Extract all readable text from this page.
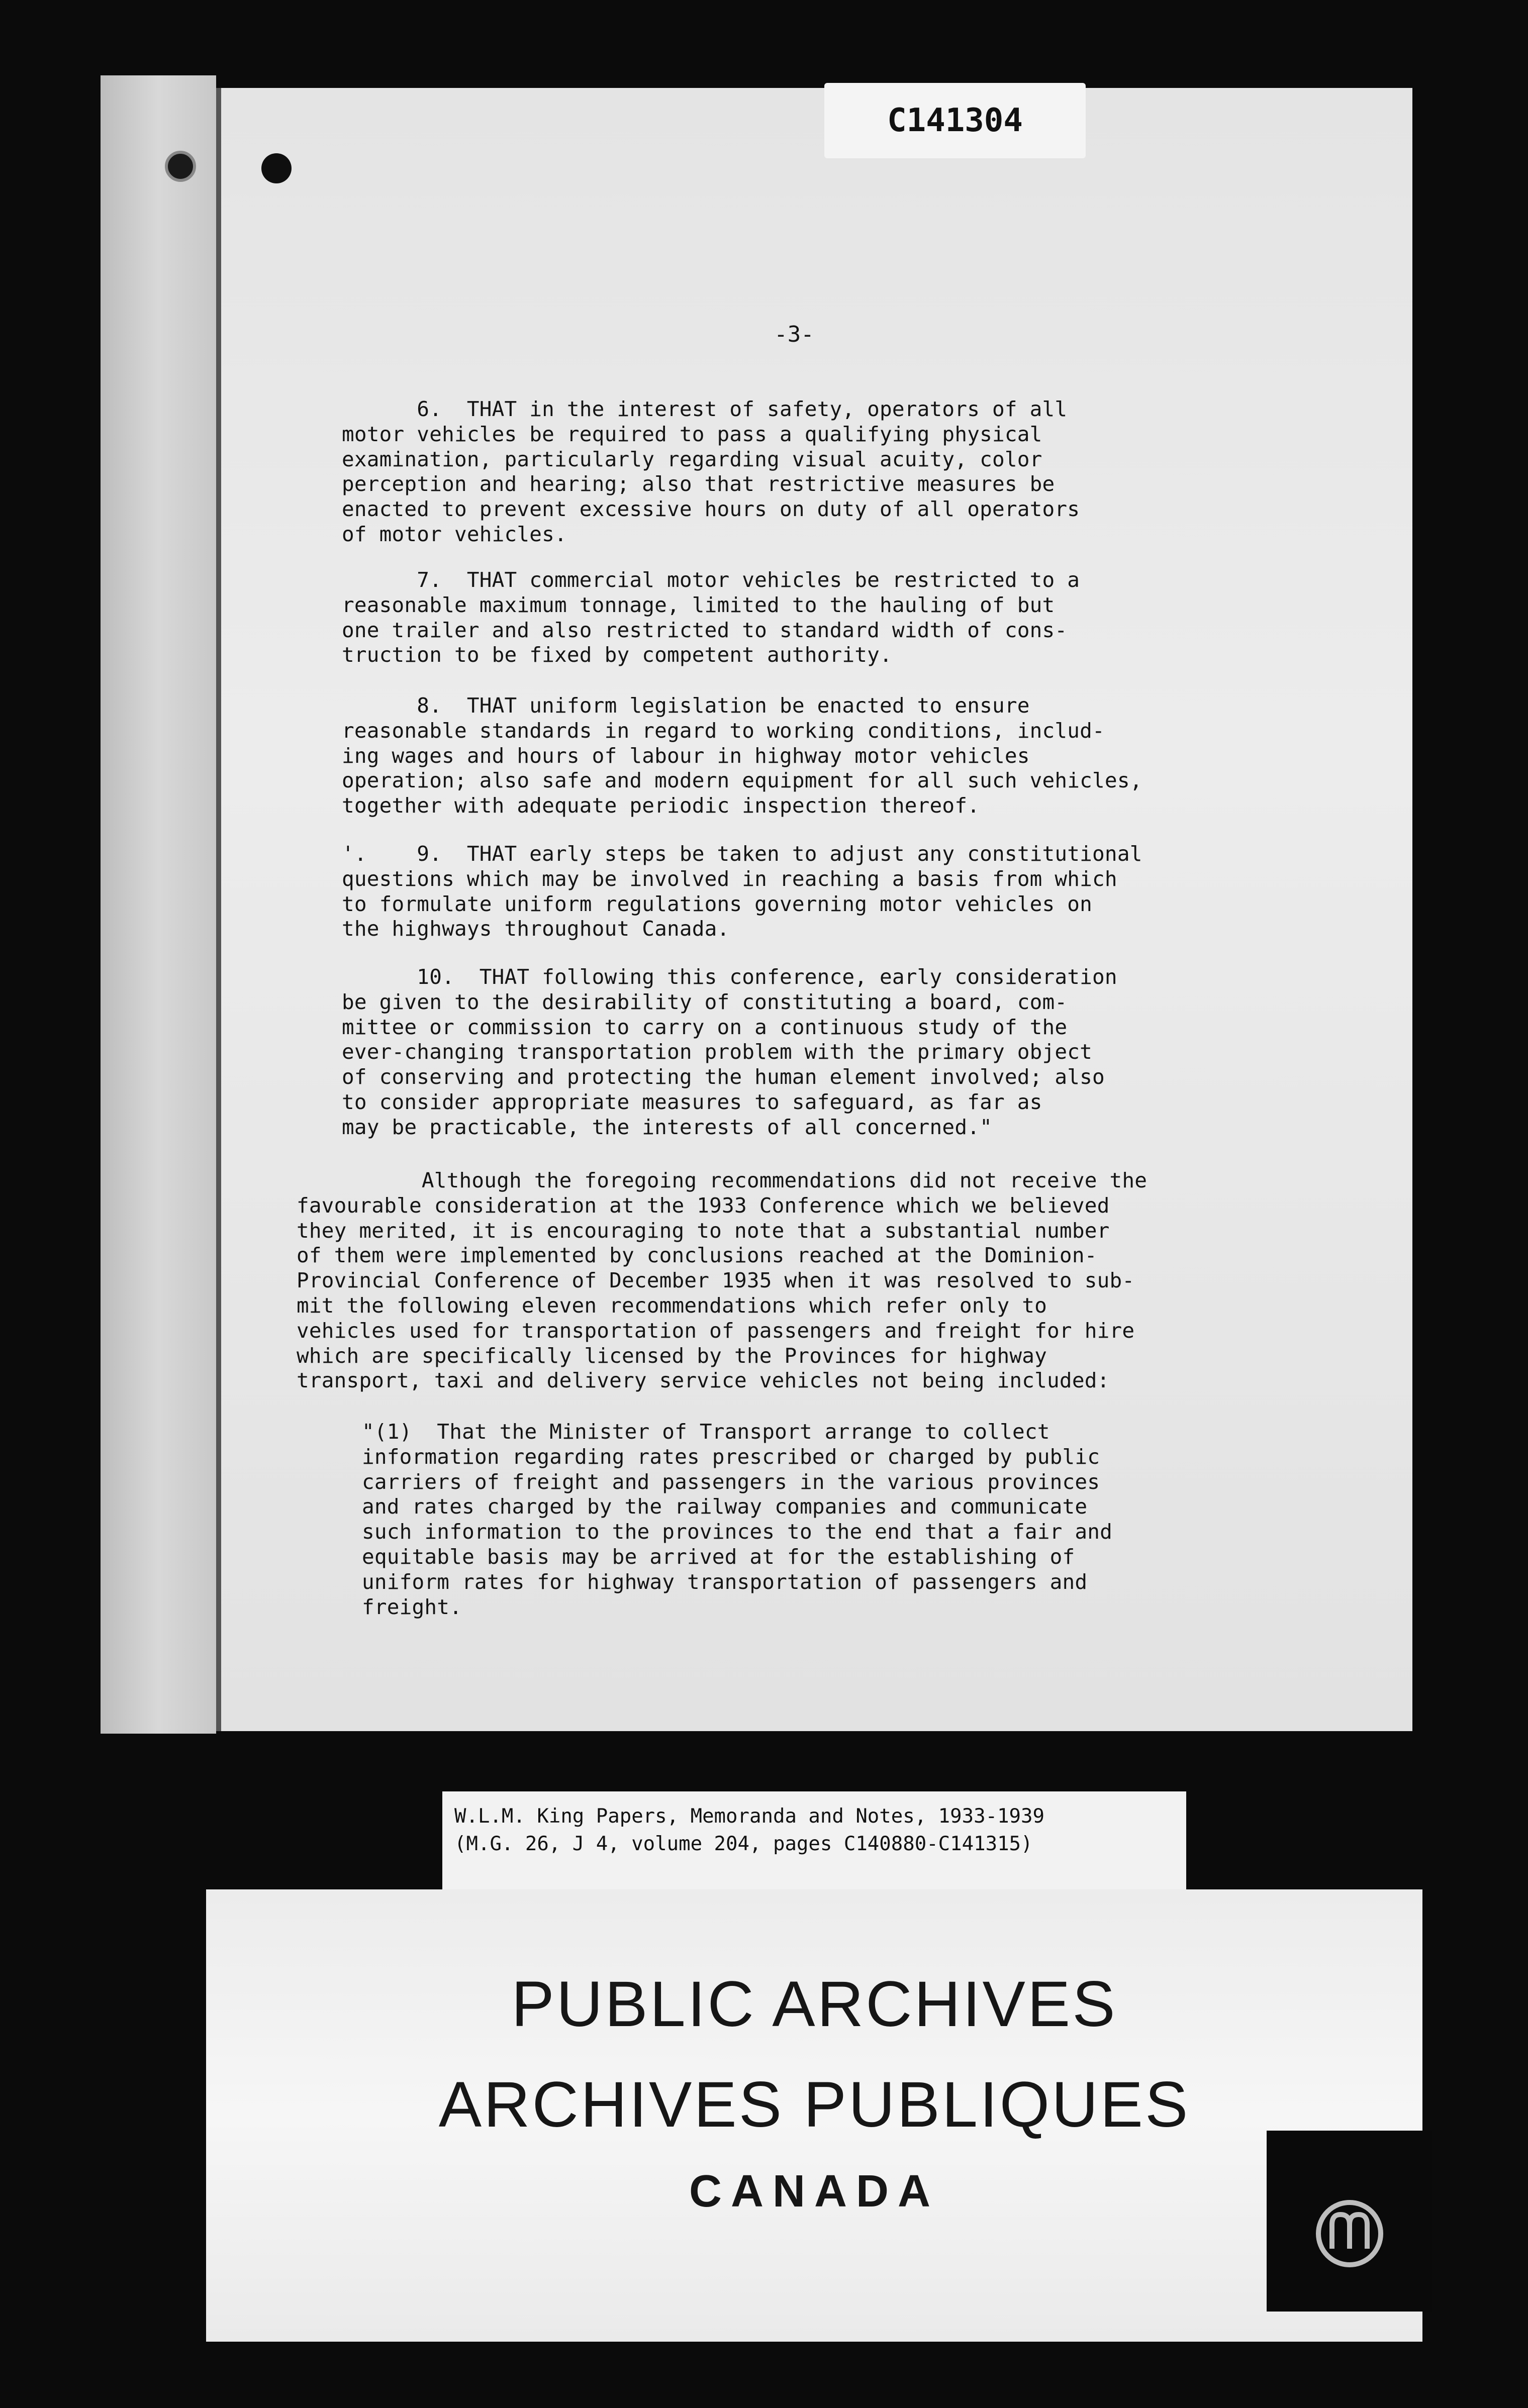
C141304
-3-
6.  THAT in the interest of safety, operators of all
motor vehicles be required to pass a qualifying physical
examination, particularly regarding visual acuity, color
perception and hearing; also that restrictive measures be
enacted to prevent excessive hours on duty of all operators
of motor vehicles.
7.  THAT commercial motor vehicles be restricted to a
reasonable maximum tonnage, limited to the hauling of but
one trailer and also restricted to standard width of cons-
truction to be fixed by competent authority.
8.  THAT uniform legislation be enacted to ensure
reasonable standards in regard to working conditions, includ-
ing wages and hours of labour in highway motor vehicles
operation; also safe and modern equipment for all such vehicles,
together with adequate periodic inspection thereof.
'.    9.  THAT early steps be taken to adjust any constitutional
questions which may be involved in reaching a basis from which
to formulate uniform regulations governing motor vehicles on
the highways throughout Canada.
10.  THAT following this conference, early consideration
be given to the desirability of constituting a board, com-
mittee or commission to carry on a continuous study of the
ever-changing transportation problem with the primary object
of conserving and protecting the human element involved; also
to consider appropriate measures to safeguard, as far as
may be practicable, the interests of all concerned."
Although the foregoing recommendations did not receive the
favourable consideration at the 1933 Conference which we believed
they merited, it is encouraging to note that a substantial number
of them were implemented by conclusions reached at the Dominion-
Provincial Conference of December 1935 when it was resolved to sub-
mit the following eleven recommendations which refer only to
vehicles used for transportation of passengers and freight for hire
which are specifically licensed by the Provinces for highway
transport, taxi and delivery service vehicles not being included:
"(1)  That the Minister of Transport arrange to collect
information regarding rates prescribed or charged by public
carriers of freight and passengers in the various provinces
and rates charged by the railway companies and communicate
such information to the provinces to the end that a fair and
equitable basis may be arrived at for the establishing of
uniform rates for highway transportation of passengers and
freight.
W.L.M. King Papers, Memoranda and Notes, 1933-1939
(M.G. 26, J 4, volume 204, pages C140880-C141315)
PUBLIC ARCHIVES
ARCHIVES PUBLIQUES
CANADA
